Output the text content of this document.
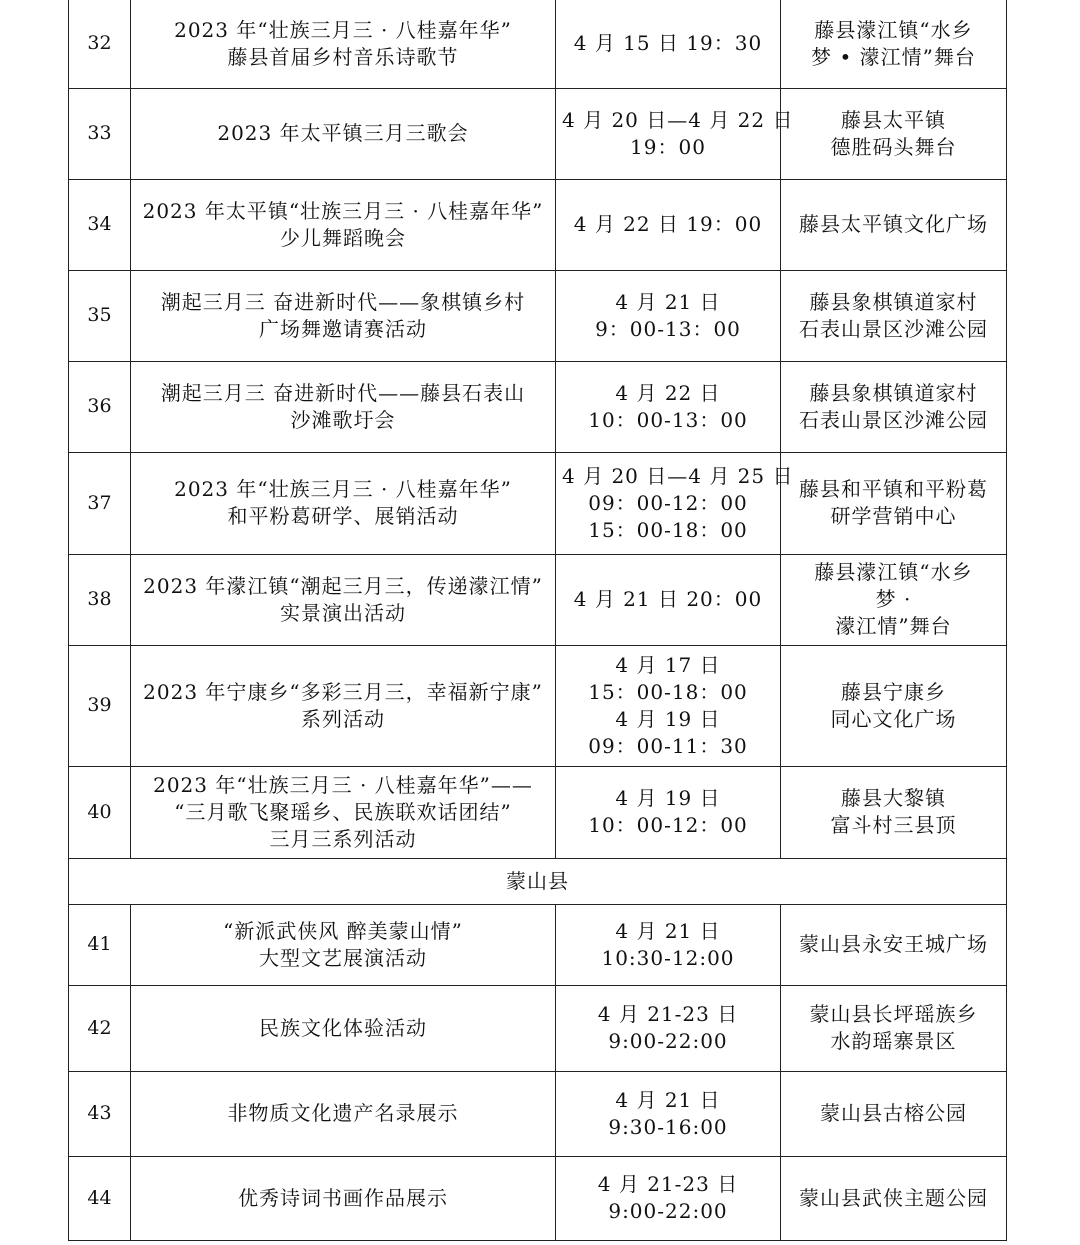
32	2023 年“壮族三月三 · 八桂嘉年华”
藤县首届乡村音乐诗歌节	4 月 15 日 19：30	藤县濛江镇“水乡
梦 • 濛江情”舞台

33	2023 年太平镇三月三歌会	4 月 20 日—4 月 22 日
19：00	藤县太平镇
德胜码头舞台

34	2023 年太平镇“壮族三月三 · 八桂嘉年华”
少儿舞蹈晚会	4 月 22 日 19：00	藤县太平镇文化广场

35	潮起三月三 奋进新时代——象棋镇乡村
广场舞邀请赛活动	4 月 21 日
9：00-13：00	藤县象棋镇道家村
石表山景区沙滩公园

36	潮起三月三 奋进新时代——藤县石表山
沙滩歌圩会	4 月 22 日
10：00-13：00	藤县象棋镇道家村
石表山景区沙滩公园

37	2023 年“壮族三月三 · 八桂嘉年华”
和平粉葛研学、展销活动	4 月 20 日—4 月 25 日
09：00-12：00
15：00-18：00	藤县和平镇和平粉葛
研学营销中心

38	2023 年濛江镇“潮起三月三，传递濛江情”
实景演出活动	4 月 21 日 20：00	藤县濛江镇“水乡
梦 ·
濛江情”舞台

39	2023 年宁康乡“多彩三月三，幸福新宁康”
系列活动	4 月 17 日
15：00-18：00
4 月 19 日
09：00-11：30	藤县宁康乡
同心文化广场

40	2023 年“壮族三月三 · 八桂嘉年华”——
“三月歌飞聚瑶乡、民族联欢话团结”
三月三系列活动	4 月 19 日
10：00-12：00	藤县大黎镇
富斗村三县顶

蒙山县			
41	“新派武侠风 醉美蒙山情”
大型文艺展演活动	4 月 21 日
10:30-12:00	蒙山县永安王城广场

42	民族文化体验活动	4 月 21-23 日
9:00-22:00	蒙山县长坪瑶族乡
水韵瑶寨景区

43	非物质文化遗产名录展示	4 月 21 日
9:30-16:00	蒙山县古榕公园

44	优秀诗词书画作品展示	4 月 21-23 日
9:00-22:00	蒙山县武侠主题公园
